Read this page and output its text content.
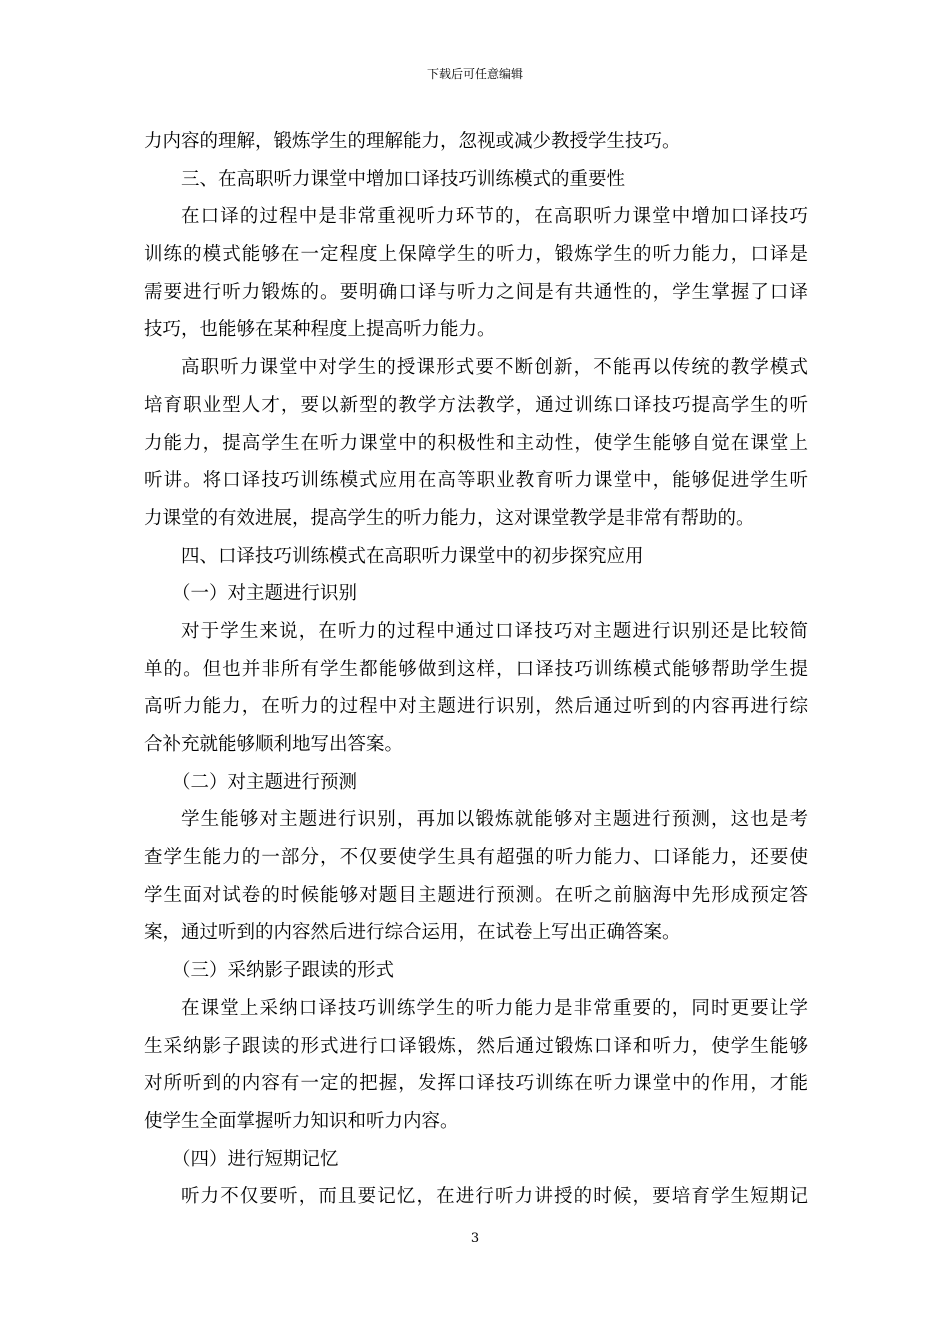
下载后可任意编辑
力内容的理解，锻炼学生的理解能力，忽视或减少教授学生技巧。
三、在高职听力课堂中增加口译技巧训练模式的重要性
在口译的过程中是非常重视听力环节的，在高职听力课堂中增加口译技巧
训练的模式能够在一定程度上保障学生的听力，锻炼学生的听力能力，口译是
需要进行听力锻炼的。要明确口译与听力之间是有共通性的，学生掌握了口译
技巧，也能够在某种程度上提高听力能力。
高职听力课堂中对学生的授课形式要不断创新，不能再以传统的教学模式
培育职业型人才，要以新型的教学方法教学，通过训练口译技巧提高学生的听
力能力，提高学生在听力课堂中的积极性和主动性，使学生能够自觉在课堂上
听讲。将口译技巧训练模式应用在高等职业教育听力课堂中，能够促进学生听
力课堂的有效进展，提高学生的听力能力，这对课堂教学是非常有帮助的。
四、口译技巧训练模式在高职听力课堂中的初步探究应用
（一）对主题进行识别
对于学生来说，在听力的过程中通过口译技巧对主题进行识别还是比较简
单的。但也并非所有学生都能够做到这样，口译技巧训练模式能够帮助学生提
高听力能力，在听力的过程中对主题进行识别，然后通过听到的内容再进行综
合补充就能够顺利地写出答案。
（二）对主题进行预测
学生能够对主题进行识别，再加以锻炼就能够对主题进行预测，这也是考
查学生能力的一部分，不仅要使学生具有超强的听力能力、口译能力，还要使
学生面对试卷的时候能够对题目主题进行预测。在听之前脑海中先形成预定答
案，通过听到的内容然后进行综合运用，在试卷上写出正确答案。
（三）采纳影子跟读的形式
在课堂上采纳口译技巧训练学生的听力能力是非常重要的，同时更要让学
生采纳影子跟读的形式进行口译锻炼，然后通过锻炼口译和听力，使学生能够
对所听到的内容有一定的把握，发挥口译技巧训练在听力课堂中的作用，才能
使学生全面掌握听力知识和听力内容。
（四）进行短期记忆
听力不仅要听，而且要记忆，在进行听力讲授的时候，要培育学生短期记
3
